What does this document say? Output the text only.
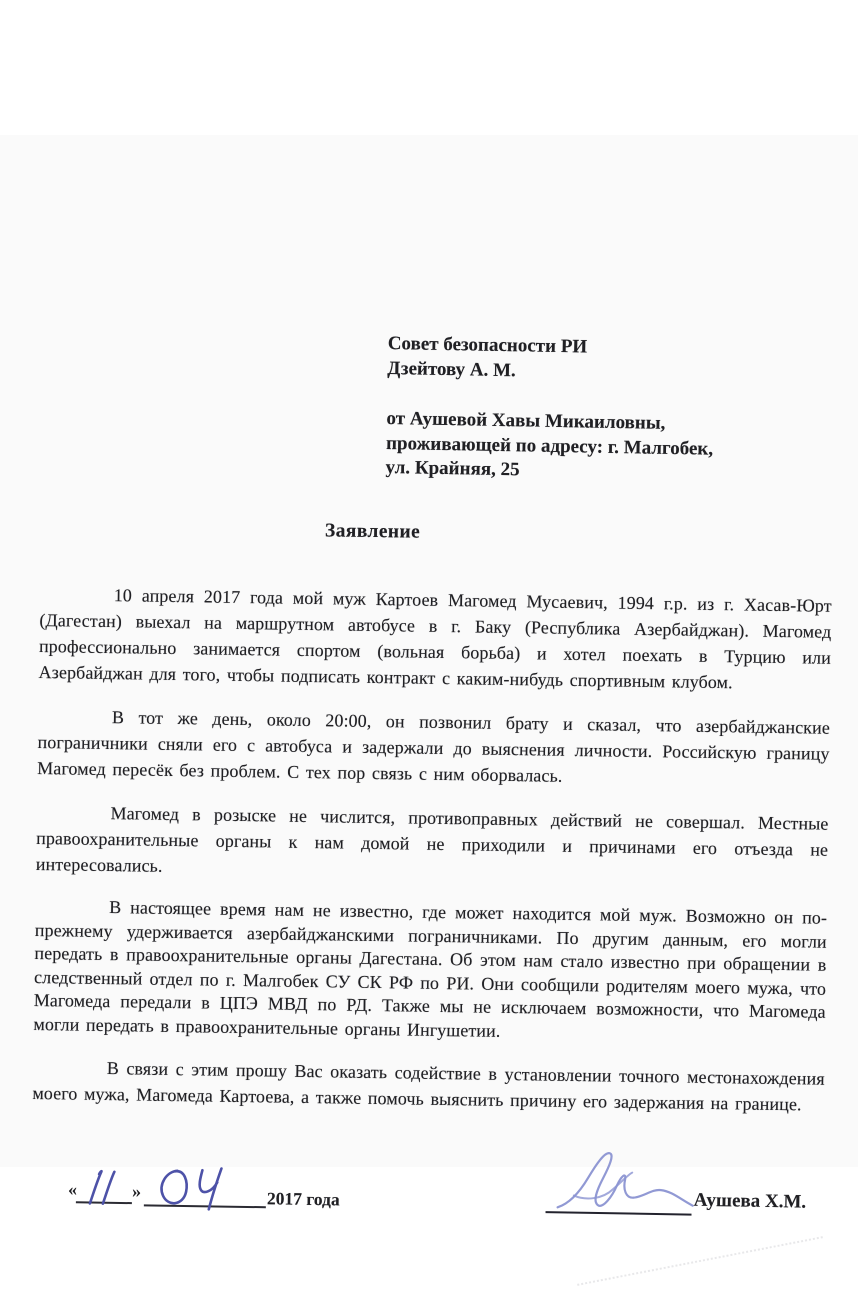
Совет безопасности РИ
Дзейтову А. М.
от Аушевой Хавы Микаиловны,
проживающей по адресу: г. Малгобек,
ул. Крайняя, 25
Заявление

10 апреля 2017 года мой муж Картоев Магомед Мусаевич, 1994 г.р. из г. Хасав-Юрт (Дагестан) выехал на маршрутном автобусе в г. Баку (Республика Азербайджан). Магомед профессионально занимается спортом (вольная борьба) и хотел поехать в Турцию или Азербайджан для того, чтобы подписать контракт с каким-нибудь спортивным клубом.

В тот же день, около 20:00, он позвонил брату и сказал, что азербайджанские пограничники сняли его с автобуса и задержали до выяснения личности. Российскую границу Магомед пересёк без проблем. С тех пор связь с ним оборвалась.

Магомед в розыске не числится, противоправных действий не совершал. Местные правоохранительные органы к нам домой не приходили и причинами его отъезда не интересовались.

В настоящее время нам не известно, где может находится мой муж. Возможно он по-прежнему удерживается азербайджанскими пограничниками. По другим данным, его могли передать в правоохранительные органы Дагестана. Об этом нам стало известно при обращении в следственный отдел по г. Малгобек СУ СК РФ по РИ. Они сообщили родителям моего мужа, что Магомеда передали в ЦПЭ МВД по РД. Также мы не исключаем возможности, что Магомеда могли передать в правоохранительные органы Ингушетии.

В связи с этим прошу Вас оказать содействие в установлении точного местонахождения моего мужа, Магомеда Картоева, а также помочь выяснить причину его задержания на границе.

«	»	2017 года	Аушева Х.М.
